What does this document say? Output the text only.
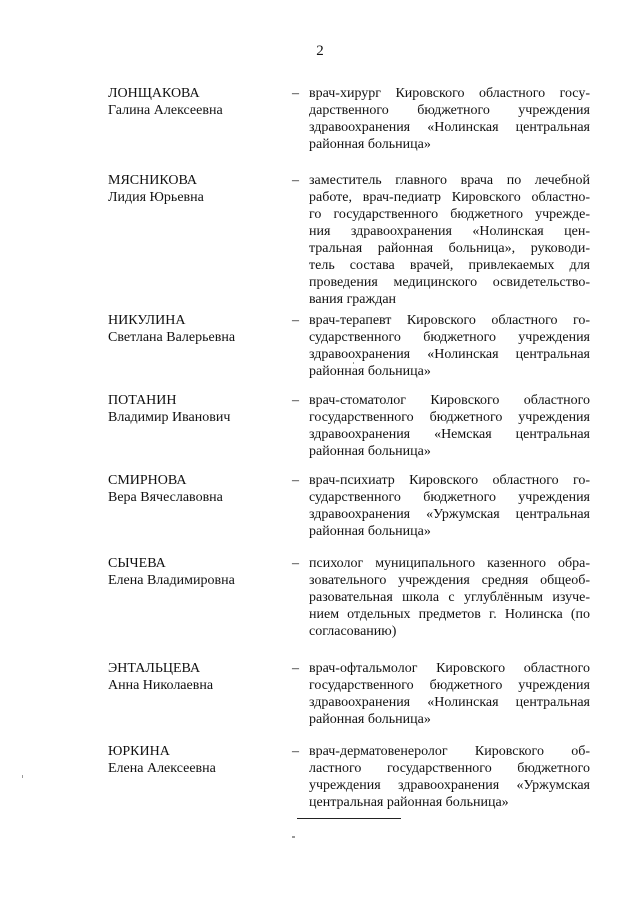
2
ЛОНЩАКОВА
Галина Алексеевна
– врач-хирург Кировского областного госу-
дарственного бюджетного учреждения
здравоохранения «Нолинская центральная
районная больница»
МЯСНИКОВА
Лидия Юрьевна
– заместитель главного врача по лечебной
работе, врач-педиатр Кировского областно-
го государственного бюджетного учрежде-
ния здравоохранения «Нолинская цен-
тральная районная больница», руководи-
тель состава врачей, привлекаемых для
проведения медицинского освидетельство-
вания граждан
НИКУЛИНА
Светлана Валерьевна
– врач-терапевт Кировского областного го-
сударственного бюджетного учреждения
здравоохранения «Нолинская центральная
районная больница»
ПОТАНИН
Владимир Иванович
– врач-стоматолог Кировского областного
государственного бюджетного учреждения
здравоохранения «Немская центральная
районная больница»
СМИРНОВА
Вера Вячеславовна
– врач-психиатр Кировского областного го-
сударственного бюджетного учреждения
здравоохранения «Уржумская центральная
районная больница»
СЫЧЕВА
Елена Владимировна
– психолог муниципального казенного обра-
зовательного учреждения средняя общеоб-
разовательная школа с углублённым изуче-
нием отдельных предметов г. Нолинска (по
согласованию)
ЭНТАЛЬЦЕВА
Анна Николаевна
– врач-офтальмолог Кировского областного
государственного бюджетного учреждения
здравоохранения «Нолинская центральная
районная больница»
ЮРКИНА
Елена Алексеевна
– врач-дерматовенеролог Кировского об-
ластного государственного бюджетного
учреждения здравоохранения «Уржумская
центральная районная больница»
